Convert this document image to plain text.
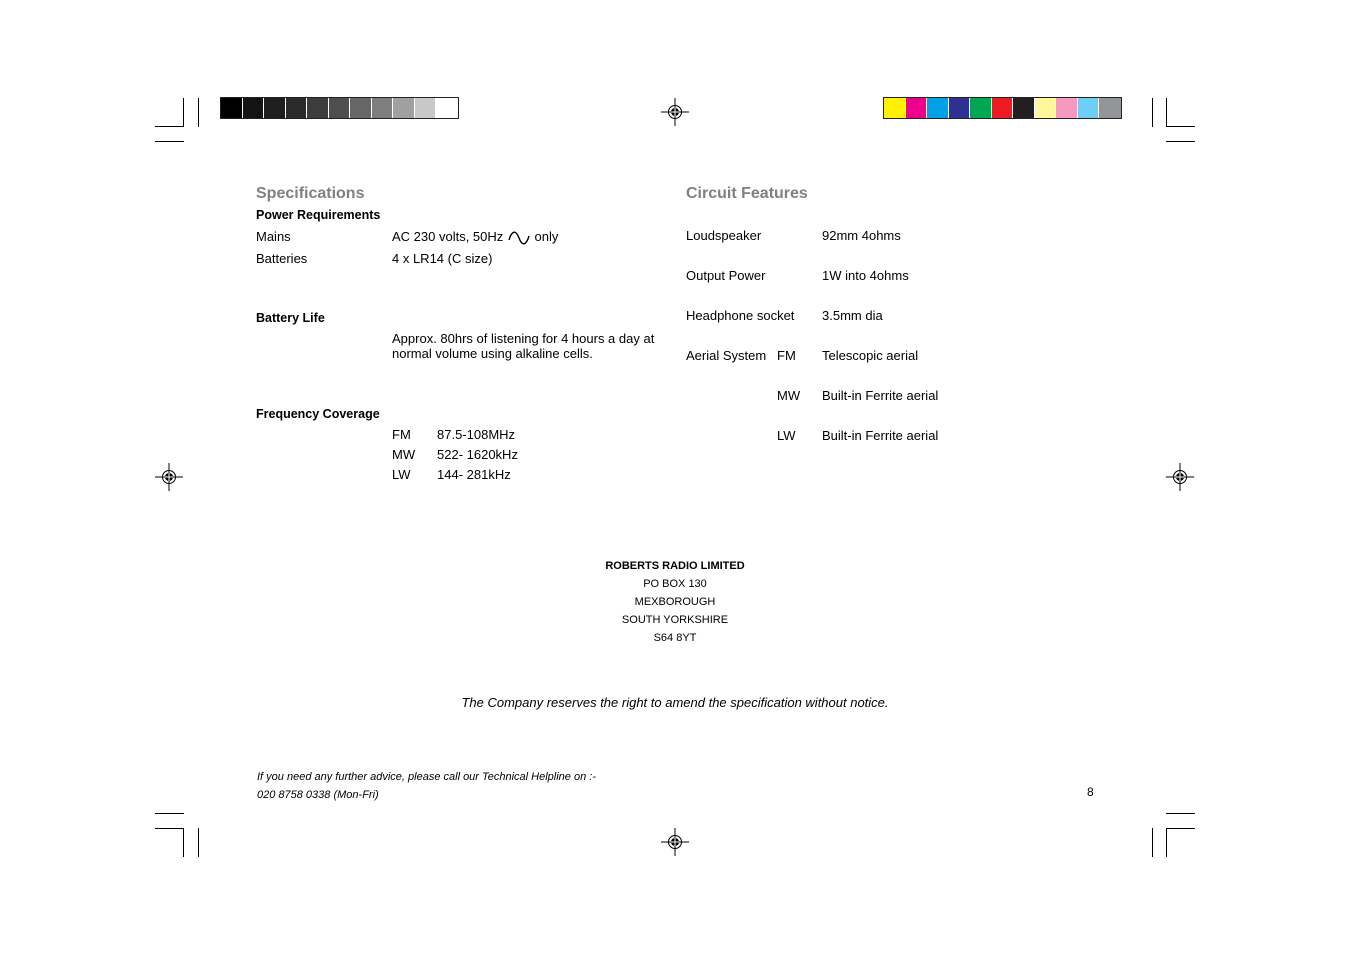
Specifications
Power Requirements
Mains	AC 230 volts, 50Hz only
Batteries	4 x LR14 (C size)
Battery Life
Approx. 80hrs of listening for 4 hours a day at
normal volume using alkaline cells.
Frequency Coverage
FM 87.5-108MHz
MW 522- 1620kHz
LW 144- 281kHz
Circuit Features
Loudspeaker	92mm 4ohms
Output Power	1W into 4ohms
Headphone socket 3.5mm dia
Aerial System FM Telescopic aerial
MW Built-in Ferrite aerial
LW Built-in Ferrite aerial
ROBERTS RADIO LIMITED
PO BOX 130
MEXBOROUGH
SOUTH YORKSHIRE
S64 8YT
The Company reserves the right to amend the specification without notice.
If you need any further advice, please call our Technical Helpline on :-
020 8758 0338 (Mon-Fri)	8
